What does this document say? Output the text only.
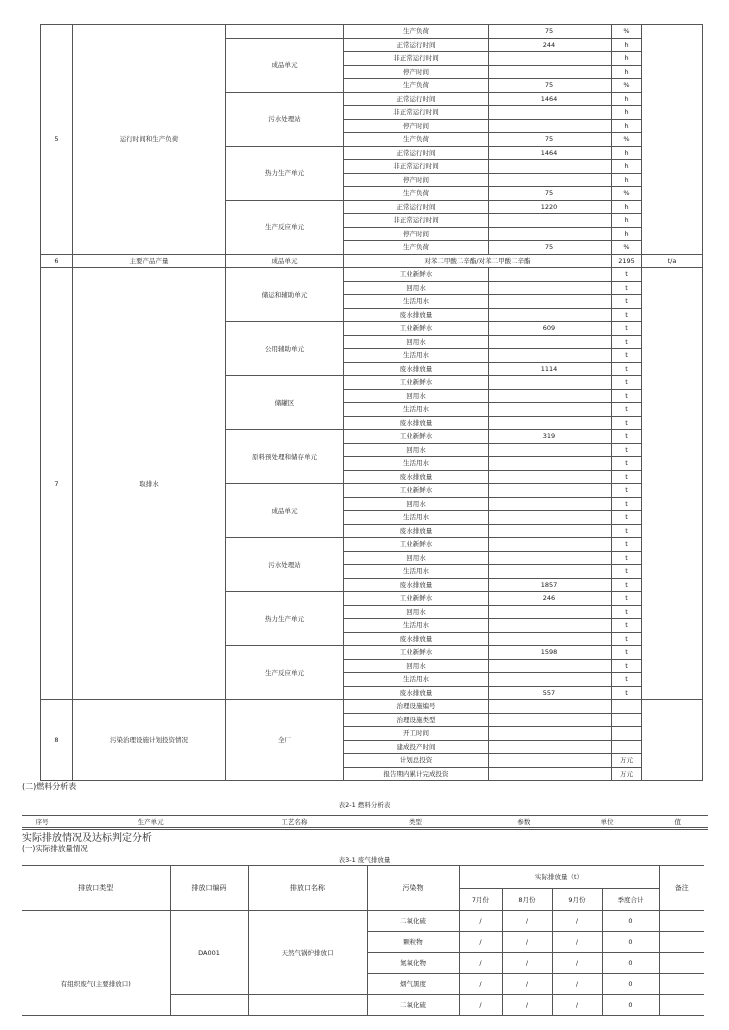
5	运行时间和生产负荷		生产负荷	75	%		
		成品单元	正常运行时间	244	h		
			非正常运行时间		h		
			停产时间		h		
			生产负荷	75	%		
		污水处理站	正常运行时间	1464	h		
			非正常运行时间		h		
			停产时间		h		
			生产负荷	75	%		
		热力生产单元	正常运行时间	1464	h		
			非正常运行时间		h		
			停产时间		h		
			生产负荷	75	%		
		生产反应单元	正常运行时间	1220	h		
			非正常运行时间		h		
			停产时间		h		
			生产负荷	75	%		
6	主要产品产量	成品单元	对苯二甲酸二辛酯/对苯二甲酸二辛酯		2195	t/a	
7	取排水	储运和辅助单元	工业新鲜水		t		
			回用水		t		
			生活用水		t		
			废水排放量		t		
		公用辅助单元	工业新鲜水	609	t		
			回用水		t		
			生活用水		t		
			废水排放量	1114	t		
		储罐区	工业新鲜水		t		
			回用水		t		
			生活用水		t		
			废水排放量		t		
		原料预处理和储存单元	工业新鲜水	319	t		
			回用水		t		
			生活用水		t		
			废水排放量		t		
		成品单元	工业新鲜水		t		
			回用水		t		
			生活用水		t		
			废水排放量		t		
		污水处理站	工业新鲜水		t		
			回用水		t		
			生活用水		t		
			废水排放量	1857	t		
		热力生产单元	工业新鲜水	246	t		
			回用水		t		
			生活用水		t		
			废水排放量		t		
		生产反应单元	工业新鲜水	1598	t		
			回用水		t		
			生活用水		t		
			废水排放量	557	t		
8	污染治理设施计划投资情况	全厂	治理设施编号				
			治理设施类型				
			开工时间				
			建成投产时间				
			计划总投资		万元		
			报告期内累计完成投资		万元		
(二)燃料分析表
表2-1 燃料分析表
序号	生产单元	工艺名称	类型	参数	单位	值
实际排放情况及达标判定分析
(一)实际排放量情况
表3-1 废气排放量
排放口类型	排放口编码	排放口名称	污染物	实际排放量（t）				备注
				7月份	8月份	9月份	季度合计	
有组织废气(主要排放口)	DA001	天然气锅炉排放口	二氧化硫	/	/	/	0	
			颗粒物	/	/	/	0	
			氮氧化物	/	/	/	0	
			烟气黑度	/	/	/	0	
			二氧化硫	/	/	/	0	
